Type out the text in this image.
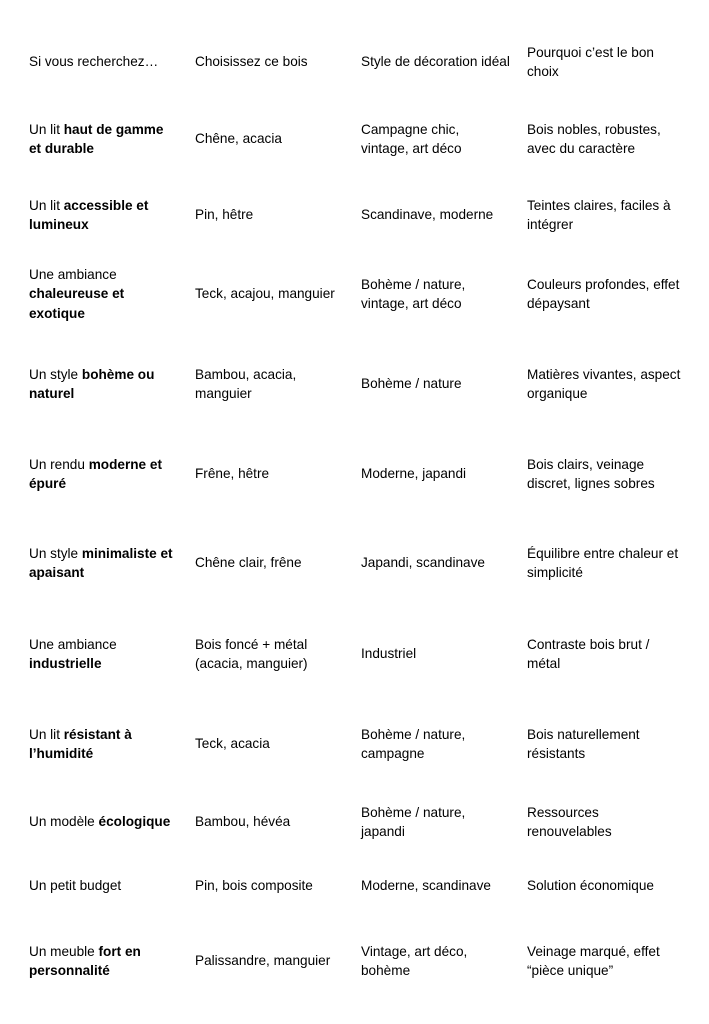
Si vous recherchez…	Choisissez ce bois	Style de décoration idéal	Pourquoi c’est le bon choix
Un lit haut de gamme et durable	Chêne, acacia	Campagne chic, vintage, art déco	Bois nobles, robustes, avec du caractère
Un lit accessible et lumineux	Pin, hêtre	Scandinave, moderne	Teintes claires, faciles à intégrer
Une ambiance chaleureuse et exotique	Teck, acajou, manguier	Bohème / nature, vintage, art déco	Couleurs profondes, effet dépaysant
Un style bohème ou naturel	Bambou, acacia, manguier	Bohème / nature	Matières vivantes, aspect organique
Un rendu moderne et épuré	Frêne, hêtre	Moderne, japandi	Bois clairs, veinage discret, lignes sobres
Un style minimaliste et apaisant	Chêne clair, frêne	Japandi, scandinave	Équilibre entre chaleur et simplicité
Une ambiance industrielle	Bois foncé + métal (acacia, manguier)	Industriel	Contraste bois brut / métal
Un lit résistant à l’humidité	Teck, acacia	Bohème / nature, campagne	Bois naturellement résistants
Un modèle écologique	Bambou, hévéa	Bohème / nature, japandi	Ressources renouvelables
Un petit budget	Pin, bois composite	Moderne, scandinave	Solution économique
Un meuble fort en personnalité	Palissandre, manguier	Vintage, art déco, bohème	Veinage marqué, effet “pièce unique”
